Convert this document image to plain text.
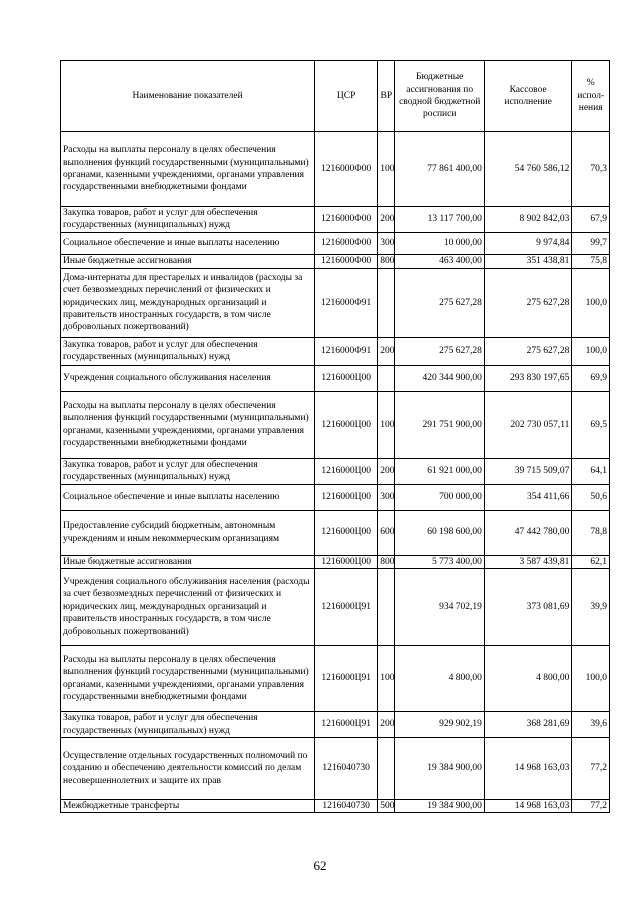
Наименование показателей	ЦСР	ВР	Бюджетные ассигнования по сводной бюджетной росписи	Кассовое исполнение	% испол-нения
Расходы на выплаты персоналу в целях обеспечения выполнения функций государственными (муниципальными) органами, казенными учреждениями, органами управления государственными внебюджетными фондами	1216000Ф00	100	77 861 400,00	54 760 586,12	70,3
Закупка товаров, работ и услуг для обеспечения государственных (муниципальных) нужд	1216000Ф00	200	13 117 700,00	8 902 842,03	67,9
Социальное обеспечение и иные выплаты населению	1216000Ф00	300	10 000,00	9 974,84	99,7
Иные бюджетные ассигнования	1216000Ф00	800	463 400,00	351 438,81	75,8
Дома-интернаты для престарелых и инвалидов (расходы за счет безвозмездных перечислений от физических и юридических лиц, международных организаций и правительств иностранных государств, в том числе добровольных пожертвований)	1216000Ф91		275 627,28	275 627,28	100,0
Закупка товаров, работ и услуг для обеспечения государственных (муниципальных) нужд	1216000Ф91	200	275 627,28	275 627,28	100,0
Учреждения социального обслуживания населения	1216000Ц00		420 344 900,00	293 830 197,65	69,9
Расходы на выплаты персоналу в целях обеспечения выполнения функций государственными (муниципальными) органами, казенными учреждениями, органами управления государственными внебюджетными фондами	1216000Ц00	100	291 751 900,00	202 730 057,11	69,5
Закупка товаров, работ и услуг для обеспечения государственных (муниципальных) нужд	1216000Ц00	200	61 921 000,00	39 715 509,07	64,1
Социальное обеспечение и иные выплаты населению	1216000Ц00	300	700 000,00	354 411,66	50,6
Предоставление субсидий бюджетным, автономным учреждениям и иным некоммерческим организациям	1216000Ц00	600	60 198 600,00	47 442 780,00	78,8
Иные бюджетные ассигнования	1216000Ц00	800	5 773 400,00	3 587 439,81	62,1
Учреждения социального обслуживания населения (расходы за счет безвозмездных перечислений от физических и юридических лиц, международных организаций и правительств иностранных государств, в том числе добровольных пожертвований)	1216000Ц91		934 702,19	373 081,69	39,9
Расходы на выплаты персоналу в целях обеспечения выполнения функций государственными (муниципальными) органами, казенными учреждениями, органами управления государственными внебюджетными фондами	1216000Ц91	100	4 800,00	4 800,00	100,0
Закупка товаров, работ и услуг для обеспечения государственных (муниципальных) нужд	1216000Ц91	200	929 902,19	368 281,69	39,6
Осуществление отдельных государственных полномочий по созданию и обеспечению деятельности комиссий по делам несовершеннолетних и защите их прав	1216040730		19 384 900,00	14 968 163,03	77,2
Межбюджетные трансферты	1216040730	500	19 384 900,00	14 968 163,03	77,2
62
